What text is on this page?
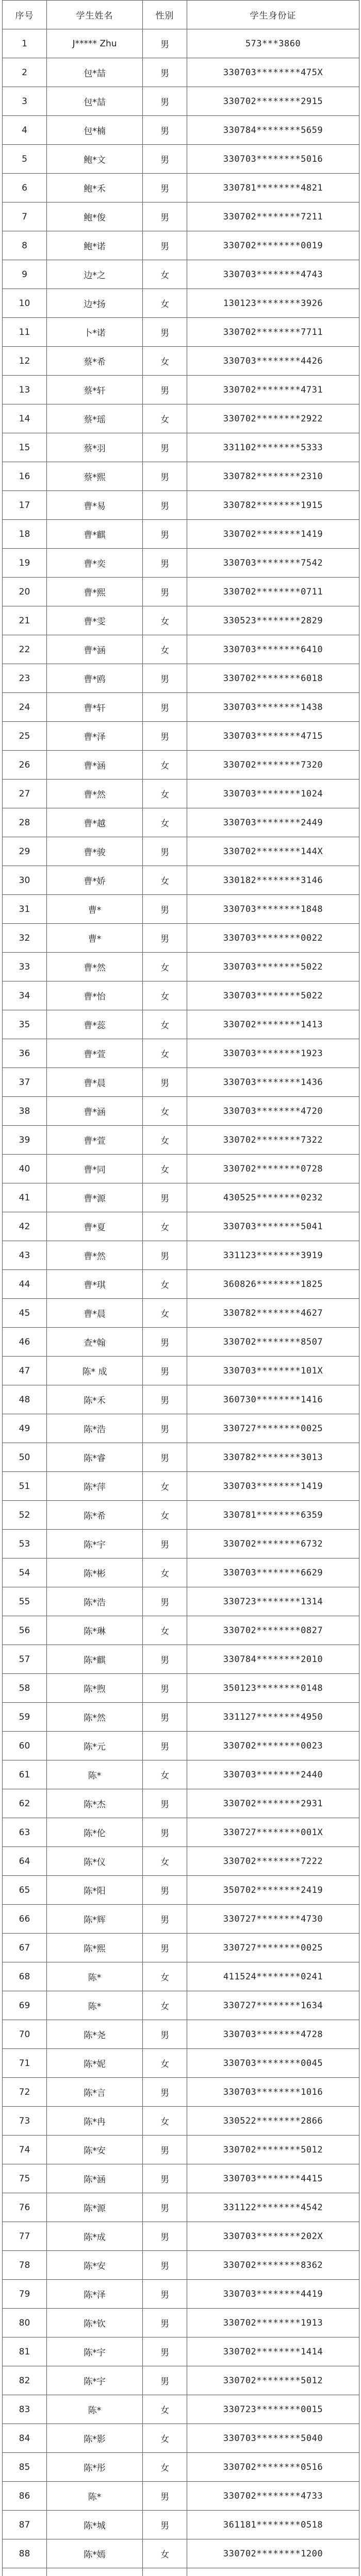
序号	学生姓名	性别	学生身份证
1	J***** Zhu	男	573***3860
2	包*喆	男	330703********475X
3	包*喆	男	330702********2915
4	包*楠	男	330784********5659
5	鲍*文	男	330703********5016
6	鲍*禾	男	330781********4821
7	鲍*俊	男	330702********7211
8	鲍*诺	男	330702********0019
9	边*之	女	330703********4743
10	边*扬	女	130123********3926
11	卜*诺	男	330702********7711
12	蔡*希	女	330703********4426
13	蔡*轩	男	330702********4731
14	蔡*瑶	女	330702********2922
15	蔡*羽	男	331102********5333
16	蔡*熙	男	330782********2310
17	曹*易	男	330782********1915
18	曹*麒	男	330702********1419
19	曹*奕	男	330703********7542
20	曹*熙	男	330702********0711
21	曹*雯	女	330523********2829
22	曹*涵	女	330703********6410
23	曹*鸥	男	330702********6018
24	曹*轩	男	330703********1438
25	曹*泽	男	330703********4715
26	曹*涵	女	330702********7320
27	曹*然	女	330703********1024
28	曹*越	女	330703********2449
29	曹*骏	男	330702********144X
30	曹*娇	女	330182********3146
31	曹*	男	330703********1848
32	曹*	男	330703********0022
33	曹*然	女	330703********5022
34	曹*怡	女	330703********5022
35	曹*蕊	女	330702********1413
36	曹*萱	女	330703********1923
37	曹*晨	男	330703********1436
38	曹*涵	女	330703********4720
39	曹*萱	女	330702********7322
40	曹*同	女	330702********0728
41	曹*源	男	430525********0232
42	曹*夏	女	330703********5041
43	曹*然	男	331123********3919
44	曹*琪	女	360826********1825
45	曹*晨	女	330782********4627
46	查*翰	男	330702********8507
47	陈* 成	男	330703********101X
48	陈*禾	男	360730********1416
49	陈*浩	男	330727********0025
50	陈*睿	男	330782********3013
51	陈*萍	女	330703********1419
52	陈*希	女	330781********6359
53	陈*宇	男	330702********6732
54	陈*彬	女	330703********6629
55	陈*浩	男	330723********1314
56	陈*琳	女	330702********0827
57	陈*麒	男	330784********2010
58	陈*煦	男	350123********0148
59	陈*然	男	331127********4950
60	陈*元	男	330702********0023
61	陈*	女	330703********2440
62	陈*杰	男	330702********2931
63	陈*伦	男	330727********001X
64	陈*仪	女	330702********7222
65	陈*阳	男	350702********2419
66	陈*辉	男	330727********4730
67	陈*熙	男	330727********0025
68	陈*	女	411524********0241
69	陈*	女	330727********1634
70	陈*尧	男	330703********4728
71	陈*妮	女	330703********0045
72	陈*言	男	330703********1016
73	陈*冉	女	330522********2866
74	陈*安	男	330702********5012
75	陈*涵	男	330703********4415
76	陈*源	男	331122********4542
77	陈*成	男	330703********202X
78	陈*安	男	330702********8362
79	陈*泽	男	330703********4419
80	陈*钦	男	330702********1913
81	陈*宇	男	330702********1414
82	陈*宇	男	330702********5012
83	陈*	女	330723********0015
84	陈*影	女	330703********5040
85	陈*彤	女	330702********0516
86	陈*	男	330702********4733
87	陈*城	男	361181********0518
88	陈*嫣	女	330702********1200
